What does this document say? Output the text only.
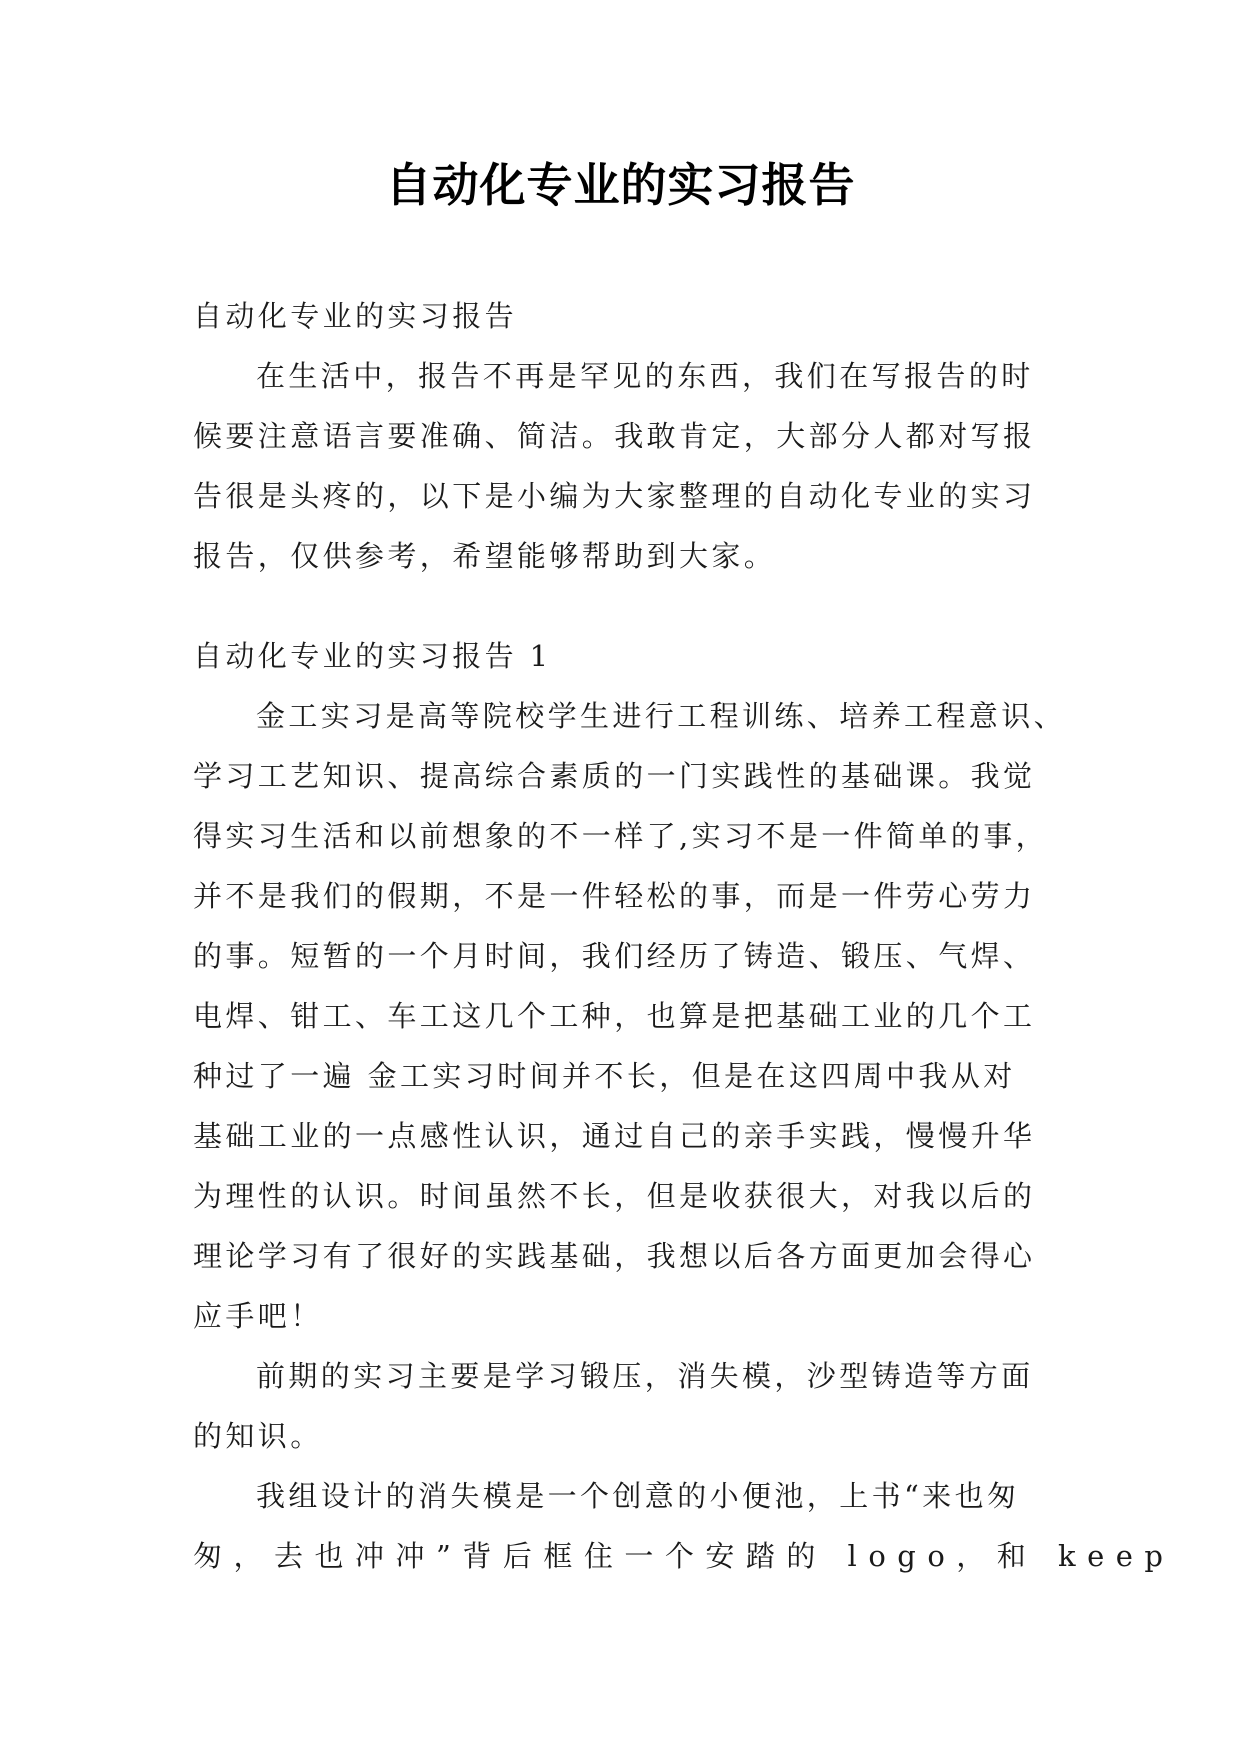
自动化专业的实习报告
自动化专业的实习报告
在生活中，报告不再是罕见的东西，我们在写报告的时
候要注意语言要准确、简洁。我敢肯定，大部分人都对写报
告很是头疼的，以下是小编为大家整理的自动化专业的实习
报告，仅供参考，希望能够帮助到大家。
自动化专业的实习报告 1
金工实习是高等院校学生进行工程训练、培养工程意识、
学习工艺知识、提高综合素质的一门实践性的基础课。我觉
得实习生活和以前想象的不一样了,实习不是一件简单的事，
并不是我们的假期，不是一件轻松的事，而是一件劳心劳力
的事。短暂的一个月时间，我们经历了铸造、锻压、气焊、
电焊、钳工、车工这几个工种，也算是把基础工业的几个工
种过了一遍 金工实习时间并不长，但是在这四周中我从对
基础工业的一点感性认识，通过自己的亲手实践，慢慢升华
为理性的认识。时间虽然不长，但是收获很大，对我以后的
理论学习有了很好的实践基础，我想以后各方面更加会得心
应手吧！
前期的实习主要是学习锻压，消失模，沙型铸造等方面
的知识。
我组设计的消失模是一个创意的小便池，上书“来也匆
匆，去也冲冲”背后框住一个安踏的 logo，和 keep
